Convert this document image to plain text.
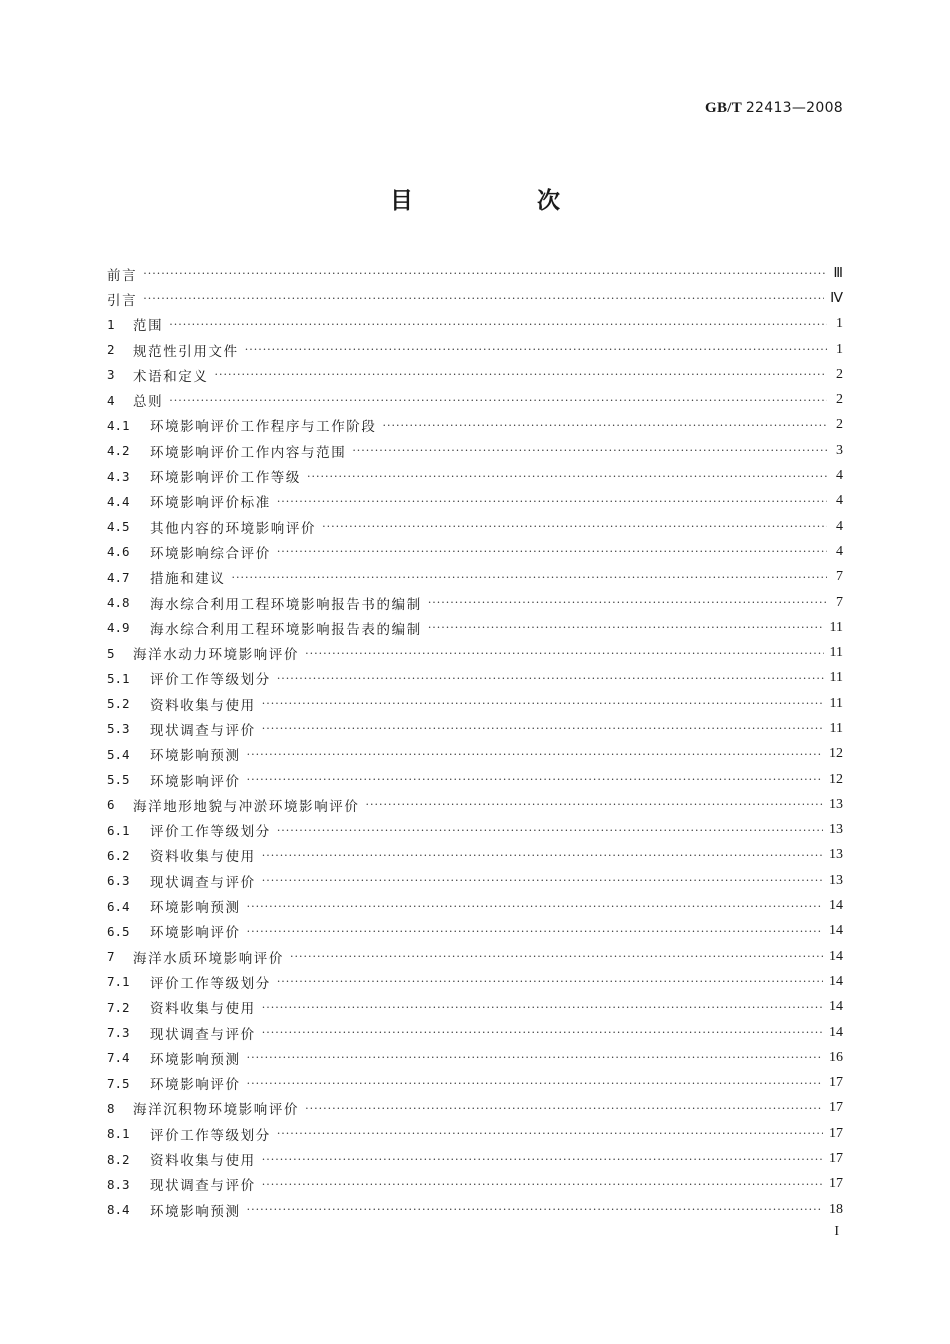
GB/T 22413—2008
目 次
前言 ·····	Ⅲ
引言 ·····	Ⅳ
1	范围 ·····	1
2	规范性引用文件 ·····	1
3	术语和定义 ·····	2
4	总则 ·····	2
4.1	环境影响评价工作程序与工作阶段 ·····	2
4.2	环境影响评价工作内容与范围 ·····	3
4.3	环境影响评价工作等级 ·····	4
4.4	环境影响评价标准 ·····	4
4.5	其他内容的环境影响评价 ·····	4
4.6	环境影响综合评价 ·····	4
4.7	措施和建议 ·····	7
4.8	海水综合利用工程环境影响报告书的编制 ·····	7
4.9	海水综合利用工程环境影响报告表的编制 ·····	11
5	海洋水动力环境影响评价 ·····	11
5.1	评价工作等级划分 ·····	11
5.2	资料收集与使用 ·····	11
5.3	现状调查与评价 ·····	11
5.4	环境影响预测 ·····	12
5.5	环境影响评价 ·····	12
6	海洋地形地貌与冲淤环境影响评价 ·····	13
6.1	评价工作等级划分 ·····	13
6.2	资料收集与使用 ·····	13
6.3	现状调查与评价 ·····	13
6.4	环境影响预测 ·····	14
6.5	环境影响评价 ·····	14
7	海洋水质环境影响评价 ·····	14
7.1	评价工作等级划分 ·····	14
7.2	资料收集与使用 ·····	14
7.3	现状调查与评价 ·····	14
7.4	环境影响预测 ·····	16
7.5	环境影响评价 ·····	17
8	海洋沉积物环境影响评价 ·····	17
8.1	评价工作等级划分 ·····	17
8.2	资料收集与使用 ·····	17
8.3	现状调查与评价 ·····	17
8.4	环境影响预测 ·····	18
I
